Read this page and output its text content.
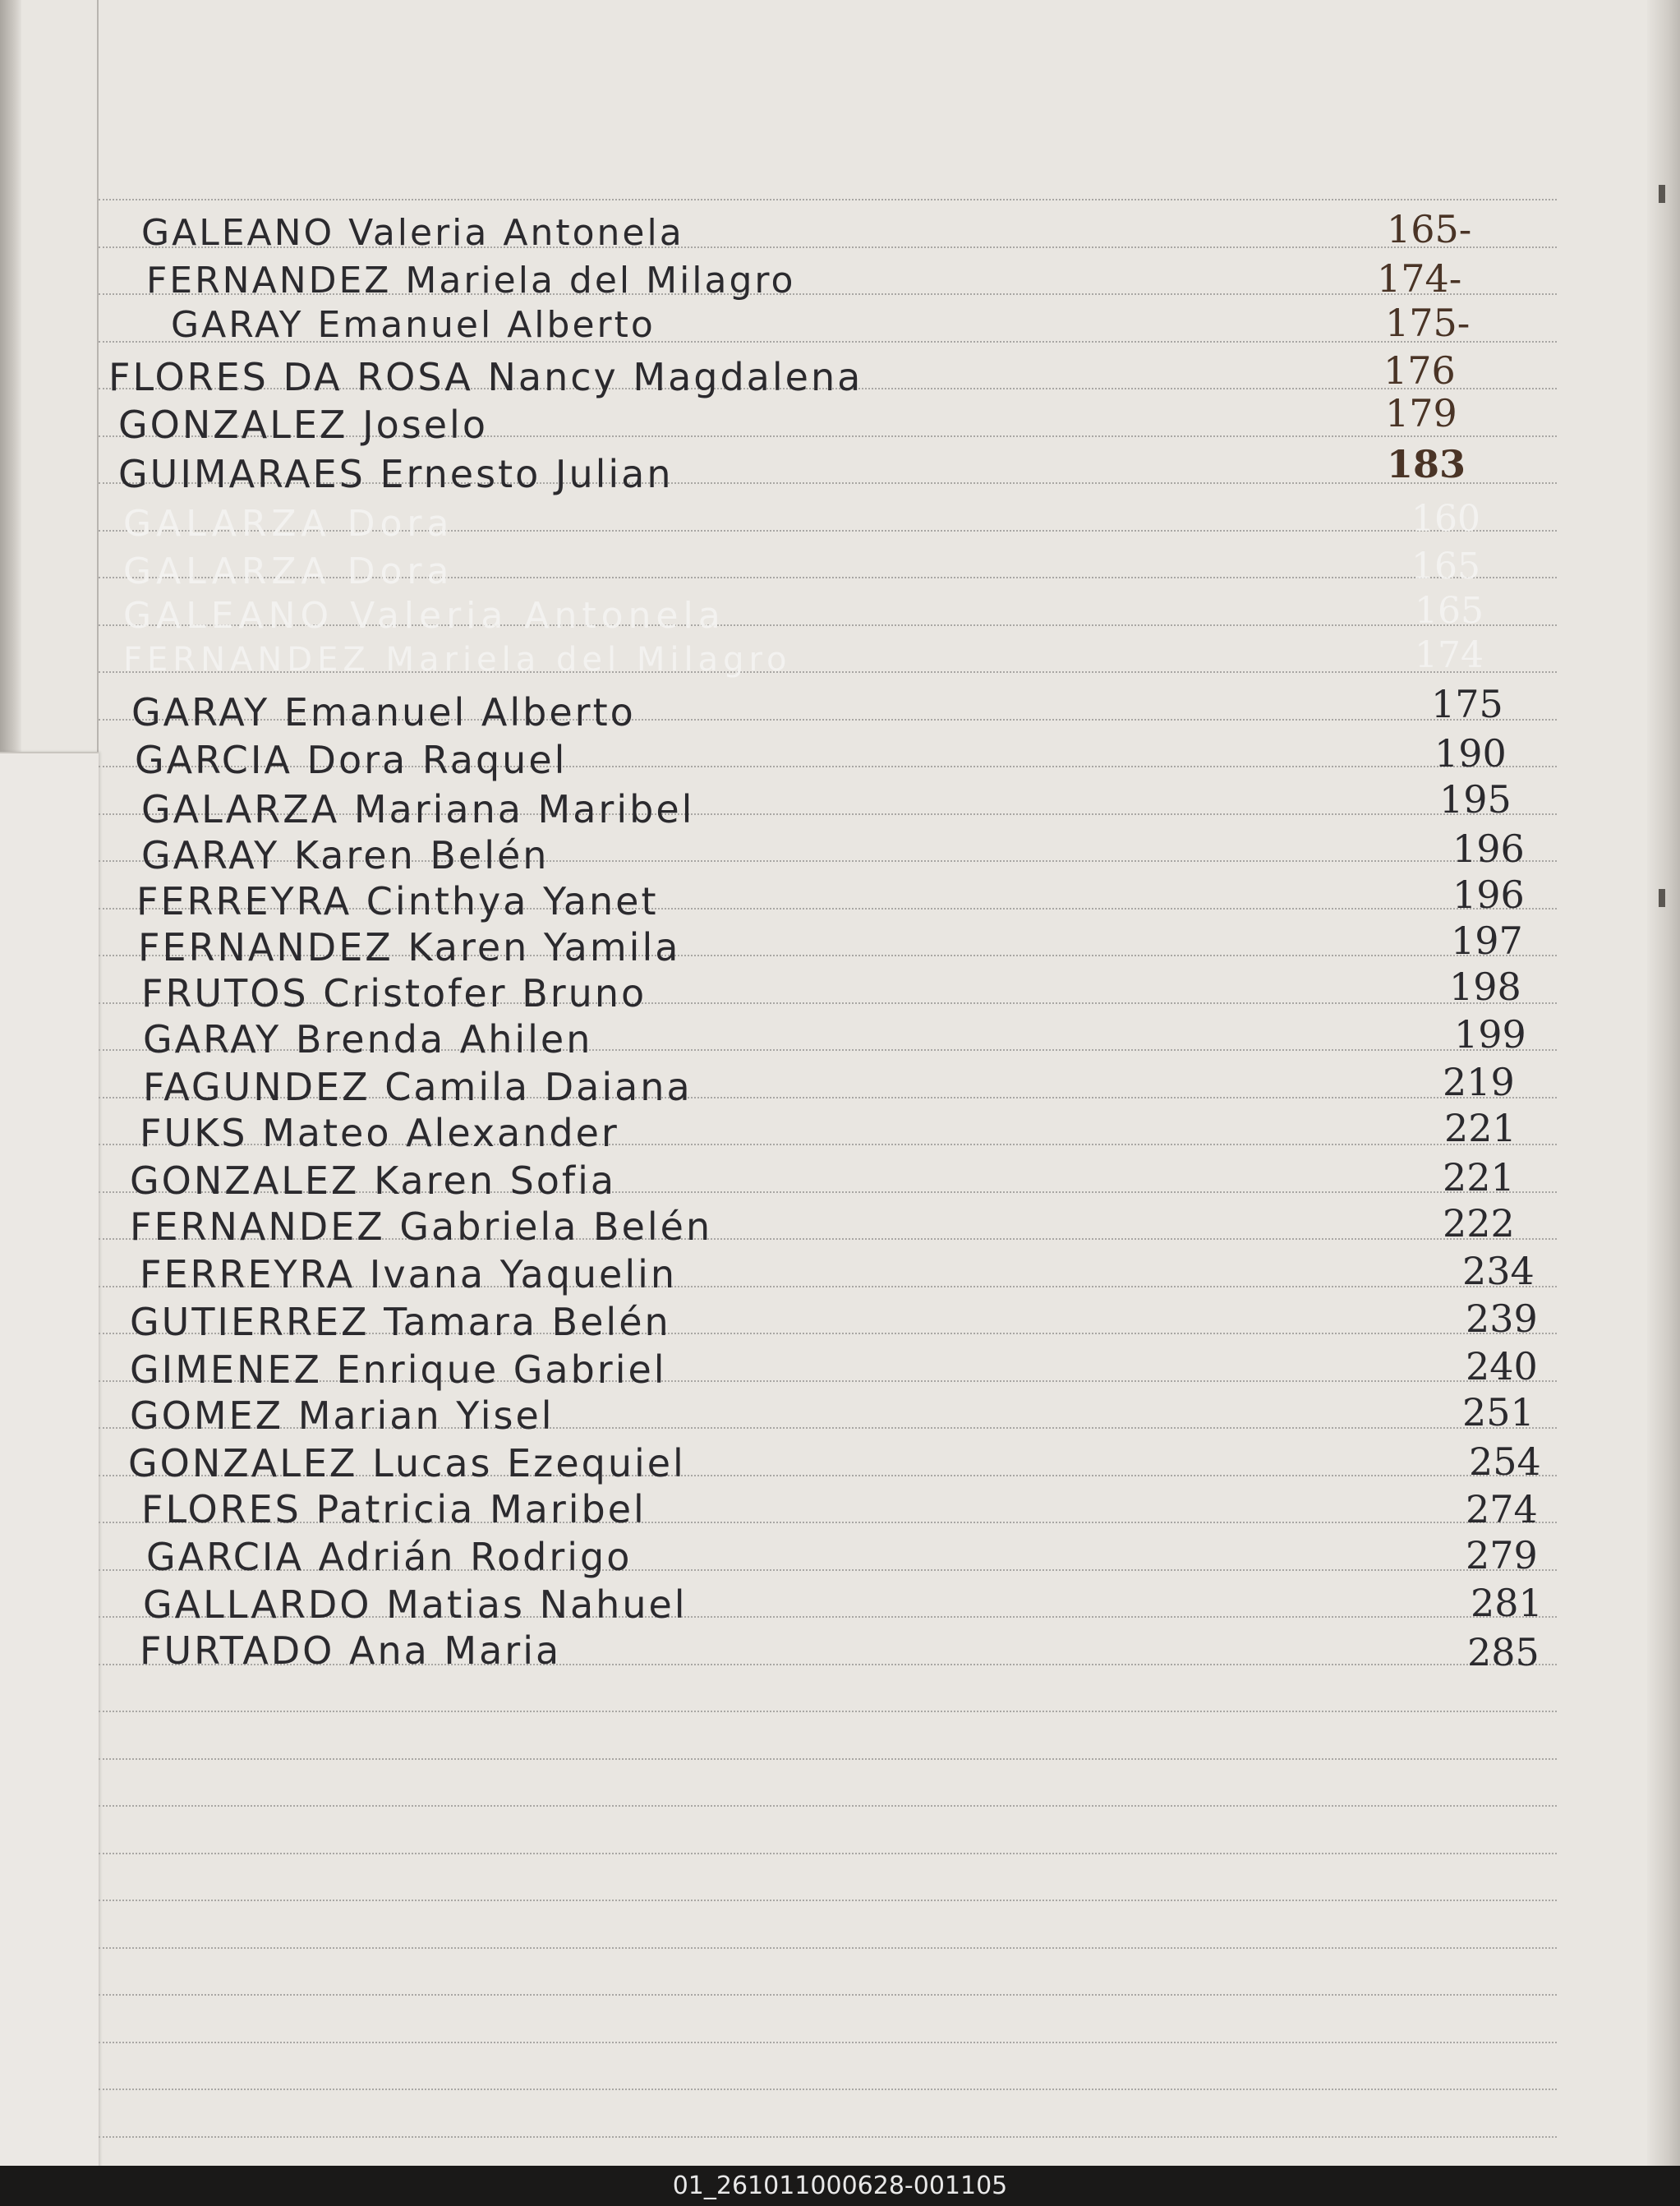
GALEANO Valeria Antonela	165-
FERNANDEZ Mariela del Milagro	174-
GARAY Emanuel Alberto	175-
FLORES DA ROSA Nancy Magdalena	176
GONZALEZ Joselo	179
GUIMARAES Ernesto Julian	183
GALARZA Dora	160
GALARZA Dora	165
GALEANO Valeria Antonela	165
FERNANDEZ Mariela del Milagro	174
GARAY Emanuel Alberto	175
GARCIA Dora Raquel	190
GALARZA Mariana Maribel	195
GARAY Karen Belén	196
FERREYRA Cinthya Yanet	196
FERNANDEZ Karen Yamila	197
FRUTOS Cristofer Bruno	198
GARAY Brenda Ahilen	199
FAGUNDEZ Camila Daiana	219
FUKS Mateo Alexander	221
GONZALEZ Karen Sofia	221
FERNANDEZ Gabriela Belén	222
FERREYRA Ivana Yaquelin	234
GUTIERREZ Tamara Belén	239
GIMENEZ Enrique Gabriel	240
GOMEZ Marian Yisel	251
GONZALEZ Lucas Ezequiel	254
FLORES Patricia Maribel	274
GARCIA Adrián Rodrigo	279
GALLARDO Matias Nahuel	281
FURTADO Ana Maria	285
01_261011000628-001105
